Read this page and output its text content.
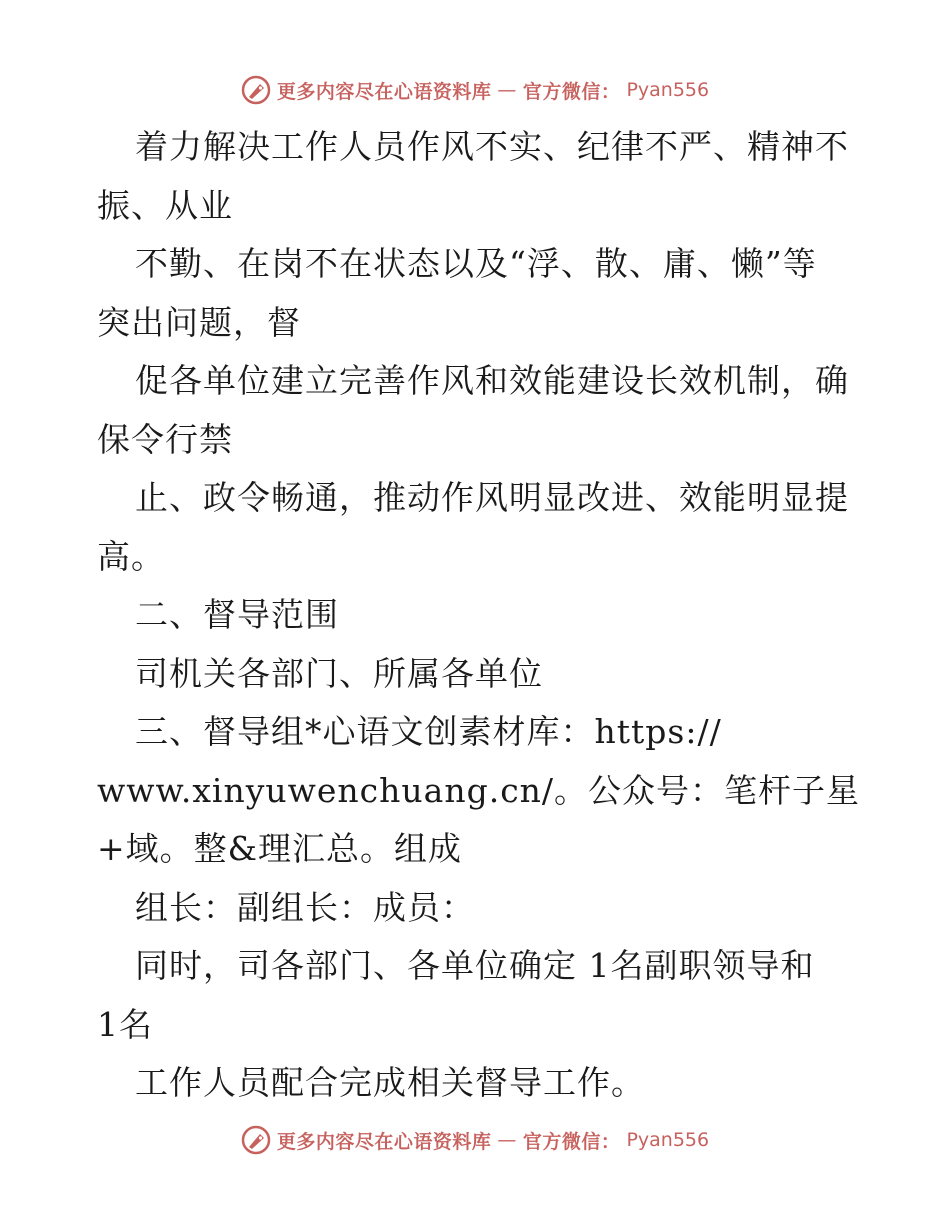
更多内容尽在心语资料库 — 官方微信： Pyan556
着力解决工作人员作风不实、纪律不严、精神不
振、从业
不勤、在岗不在状态以及“浮、散、庸、懒”等
突出问题，督
促各单位建立完善作风和效能建设长效机制，确
保令行禁
止、政令畅通，推动作风明显改进、效能明显提
高。
二、督导范围
司机关各部门、所属各单位
三、督导组*心语文创素材库：https://
www.xinyuwenchuang.cn/。公众号：笔杆子星
+域。整&理汇总。组成
组长：副组长：成员：
同时，司各部门、各单位确定 1名副职领导和
1名
工作人员配合完成相关督导工作。
更多内容尽在心语资料库 — 官方微信： Pyan556
